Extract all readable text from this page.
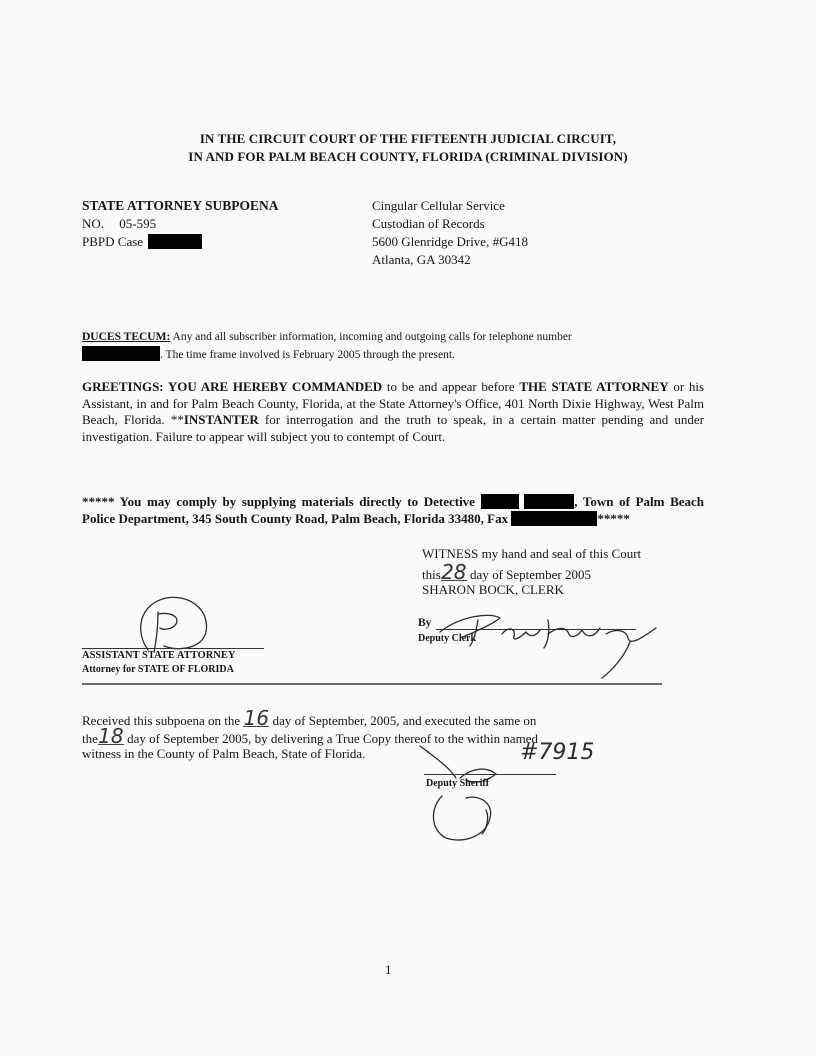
IN THE CIRCUIT COURT OF THE FIFTEENTH JUDICIAL CIRCUIT,
IN AND FOR PALM BEACH COUNTY, FLORIDA (CRIMINAL DIVISION)
STATE ATTORNEY SUBPOENA
NO. 05-595
PBPD Case
Cingular Cellular Service
Custodian of Records
5600 Glenridge Drive, #G418
Atlanta, GA 30342
DUCES TECUM: Any and all subscriber information, incoming and outgoing calls for telephone number
. The time frame involved is February 2005 through the present.
GREETINGS: YOU ARE HEREBY COMMANDED to be and appear before THE STATE ATTORNEY or his Assistant, in and for Palm Beach County, Florida, at the State Attorney's Office, 401 North Dixie Highway, West Palm Beach, Florida. **INSTANTER for interrogation and the truth to speak, in a certain matter pending and under investigation. Failure to appear will subject you to contempt of Court.
***** You may comply by supplying materials directly to Detective	, Town of Palm Beach Police Department, 345 South County Road, Palm Beach, Florida 33480, Fax	*****
WITNESS my hand and seal of this Court
this28 day of September 2005
SHARON BOCK, CLERK
By
Deputy Clerk
ASSISTANT STATE ATTORNEY
Attorney for STATE OF FLORIDA
Received this subpoena on the 16 day of September, 2005, and executed the same on
the18 day of September 2005, by delivering a True Copy thereof to the within named
witness in the County of Palm Beach, State of Florida.	#7915
Deputy Sheriff
1
